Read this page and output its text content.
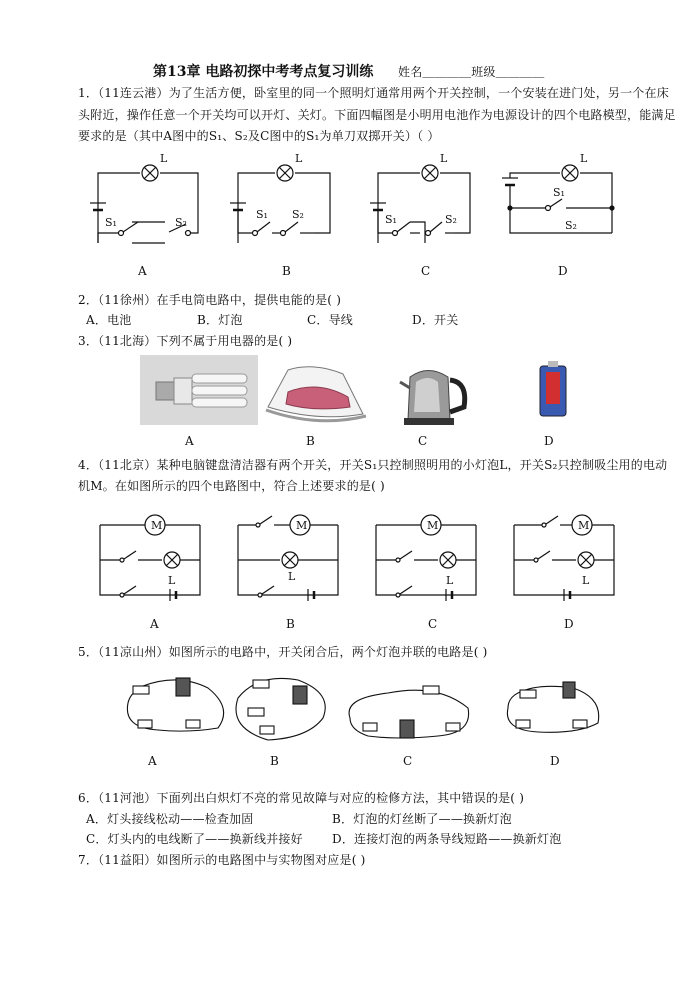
第13章 电路初探中考考点复习训练 姓名＿＿＿＿班级＿＿＿＿
1．（11连云港）为了生活方便，卧室里的同一个照明灯通常用两个开关控制，一个安装在进门处，另一个在床
头附近，操作任意一个开关均可以开灯、关灯。下面四幅图是小明用电池作为电源设计的四个电路模型，能满足
要求的是（其中A图中的S₁、S₂及C图中的S₁为单刀双掷开关）（ ）
L
S₁	S₂
L
S₁ S₂
L
S₁	S₂
L
S₁
S₂
A	B	C	D
2．（11徐州）在手电筒电路中，提供电能的是( )
A．电池	B．灯泡	C．导线	D．开关
3．（11北海）下列不属于用电器的是( )
A	B	C	D
4．（11北京）某种电脑键盘清洁器有两个开关，开关S₁只控制照明用的小灯泡L，开关S₂只控制吸尘用的电动
机M。在如图所示的四个电路图中，符合上述要求的是( )
M
L
M
L
M
L
M
L
A	B	C	D
5．（11凉山州）如图所示的电路中，开关闭合后，两个灯泡并联的电路是( )
A	B	C	D
6．（11河池）下面列出白炽灯不亮的常见故障与对应的检修方法，其中错误的是( )
A．灯头接线松动——检查加固	B．灯泡的灯丝断了——换新灯泡
C．灯头内的电线断了——换新线并接好 D．连接灯泡的两条导线短路——换新灯泡
7．（11益阳）如图所示的电路图中与实物图对应是( )
